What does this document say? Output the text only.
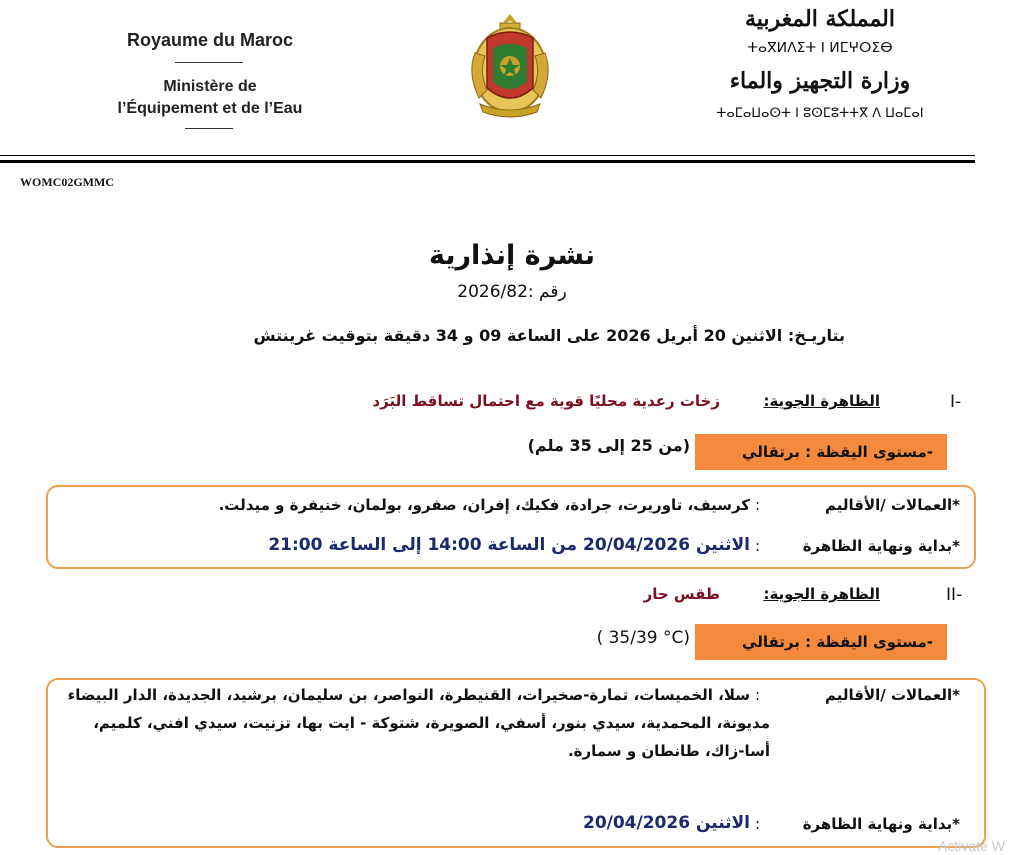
Royaume du Maroc
Ministère de
l’Équipement et de l’Eau
المملكة المغربية
ⵜⴰⴳⵍⴷⵉⵜ ⵏ ⵍⵎⵖⵔⵉⴱ
وزارة التجهيز والماء
ⵜⴰⵎⴰⵡⴰⵙⵜ ⵏ ⵓⵙⵎⵓⵜⵜⴳ ⴷ ⵡⴰⵎⴰⵏ
WOMC02GMMC
نشرة إنذارية
رقم :2026/82
بتاريـخ: الاثنين 20 أبريل 2026 على الساعة 09 و 34 دقيقة بتوقيت غرينتش
I-
الظاهرة الجوية:
زخات رعدية محليًا قوية مع احتمال تساقط البَرَد
-مستوى اليقظة : برتقالي
(من 25 إلى 35 ملم)
*العمالات /الأقاليم
:
كرسيف، تاوريرت، جرادة، فكيك، إفران، صفرو، بولمان، خنيفرة و ميدلت.
*بداية ونهاية الظاهرة
:
الاثنين 20/04/2026 من الساعة 14:00 إلى الساعة 21:00
II-
الظاهرة الجوية:
طقس حار
-مستوى اليقظة : برتقالي
( 35/39 °C)
*العمالات /الأقاليم
:
سلا، الخميسات، تمارة-صخيرات، القنيطرة، النواصر، بن سليمان، برشيد، الجديدة، الدار البيضاء
مديونة، المحمدية، سيدي بنور، أسفي، الصويرة، شتوكة - ايت بها، تزنيت، سيدي افني، كلميم،
أسا-زاك، طانطان و سمارة.
*بداية ونهاية الظاهرة
:
الاثنين 20/04/2026
Activate W
